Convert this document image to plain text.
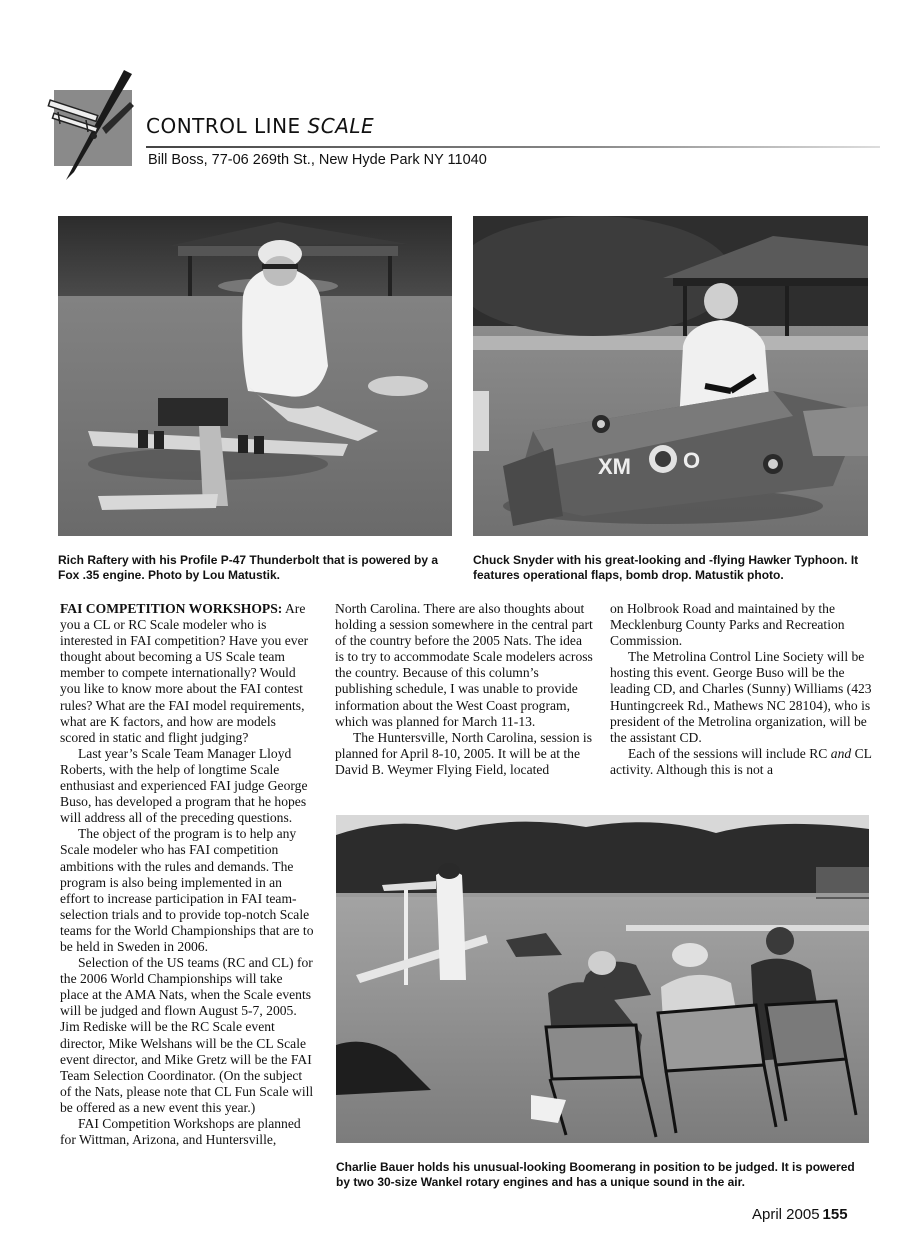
CONTROL LINE SCALE
Bill Boss, 77-06 269th St., New Hyde Park NY 11040
XM O
Rich Raftery with his Profile P-47 Thunderbolt that is powered by a Fox .35 engine. Photo by Lou Matustik.
Chuck Snyder with his great-looking and -flying Hawker Typhoon. It features operational flaps, bomb drop. Matustik photo.

FAI COMPETITION WORKSHOPS: Are you a CL or RC Scale modeler who is interested in FAI competition? Have you ever thought about becoming a US Scale team member to compete internationally? Would you like to know more about the FAI contest rules? What are the FAI model requirements, what are K factors, and how are models scored in static and flight judging?

Last year’s Scale Team Manager Lloyd Roberts, with the help of longtime Scale enthusiast and experienced FAI judge George Buso, has developed a program that he hopes will address all of the preceding questions.

The object of the program is to help any Scale modeler who has FAI competition ambitions with the rules and demands. The program is also being implemented in an effort to increase participation in FAI team-selection trials and to provide top-notch Scale teams for the World Championships that are to be held in Sweden in 2006.

Selection of the US teams (RC and CL) for the 2006 World Championships will take place at the AMA Nats, when the Scale events will be judged and flown August 5-7, 2005. Jim Rediske will be the RC Scale event director, Mike Welshans will be the CL Scale event director, and Mike Gretz will be the FAI Team Selection Coordinator. (On the subject of the Nats, please note that CL Fun Scale will be offered as a new event this year.)

FAI Competition Workshops are planned for Wittman, Arizona, and Huntersville,

North Carolina. There are also thoughts about holding a session somewhere in the central part of the country before the 2005 Nats. The idea is to try to accommodate Scale modelers across the country. Because of this column’s publishing schedule, I was unable to provide information about the West Coast program, which was planned for March 11-13.

The Huntersville, North Carolina, session is planned for April 8-10, 2005. It will be at the David B. Weymer Flying Field, located

on Holbrook Road and maintained by the Mecklenburg County Parks and Recreation Commission.

The Metrolina Control Line Society will be hosting this event. George Buso will be the leading CD, and Charles (Sunny) Williams (423 Huntingcreek Rd., Mathews NC 28104), who is president of the Metrolina organization, will be the assistant CD.

Each of the sessions will include RC and CL activity. Although this is not a

Charlie Bauer holds his unusual-looking Boomerang in position to be judged. It is powered by two 30-size Wankel rotary engines and has a unique sound in the air.
April 2005 155
